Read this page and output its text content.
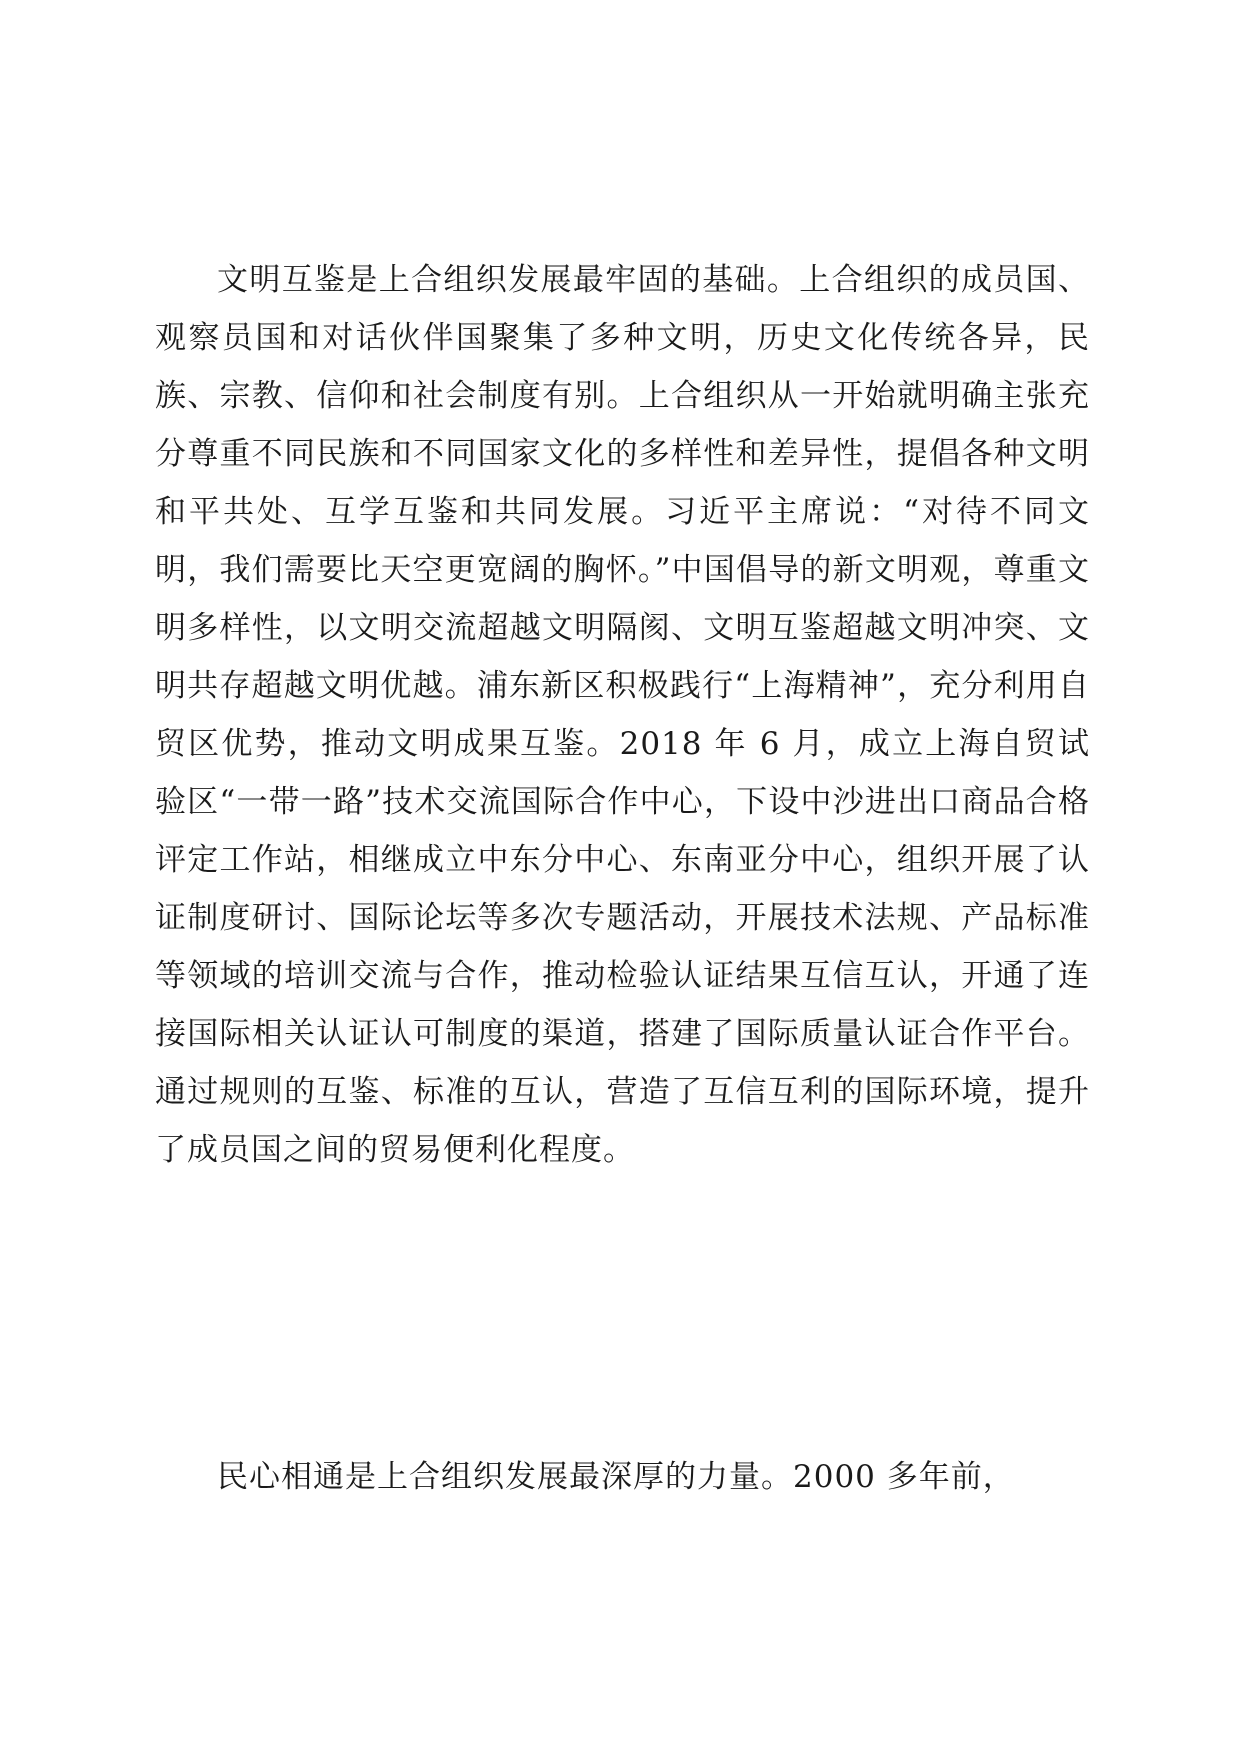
文明互鉴是上合组织发展最牢固的基础。上合组织的成员国、观察员国和对话伙伴国聚集了多种文明，历史文化传统各异，民族、宗教、信仰和社会制度有别。上合组织从一开始就明确主张充分尊重不同民族和不同国家文化的多样性和差异性，提倡各种文明和平共处、互学互鉴和共同发展。习近平主席说：“对待不同文明，我们需要比天空更宽阔的胸怀。”中国倡导的新文明观，尊重文明多样性，以文明交流超越文明隔阂、文明互鉴超越文明冲突、文明共存超越文明优越。浦东新区积极践行“上海精神”，充分利用自贸区优势，推动文明成果互鉴。2018 年 6 月，成立上海自贸试验区“一带一路”技术交流国际合作中心，下设中沙进出口商品合格评定工作站，相继成立中东分中心、东南亚分中心，组织开展了认证制度研讨、国际论坛等多次专题活动，开展技术法规、产品标准等领域的培训交流与合作，推动检验认证结果互信互认，开通了连接国际相关认证认可制度的渠道，搭建了国际质量认证合作平台。通过规则的互鉴、标准的互认，营造了互信互利的国际环境，提升了成员国之间的贸易便利化程度。

民心相通是上合组织发展最深厚的力量。2000 多年前，
